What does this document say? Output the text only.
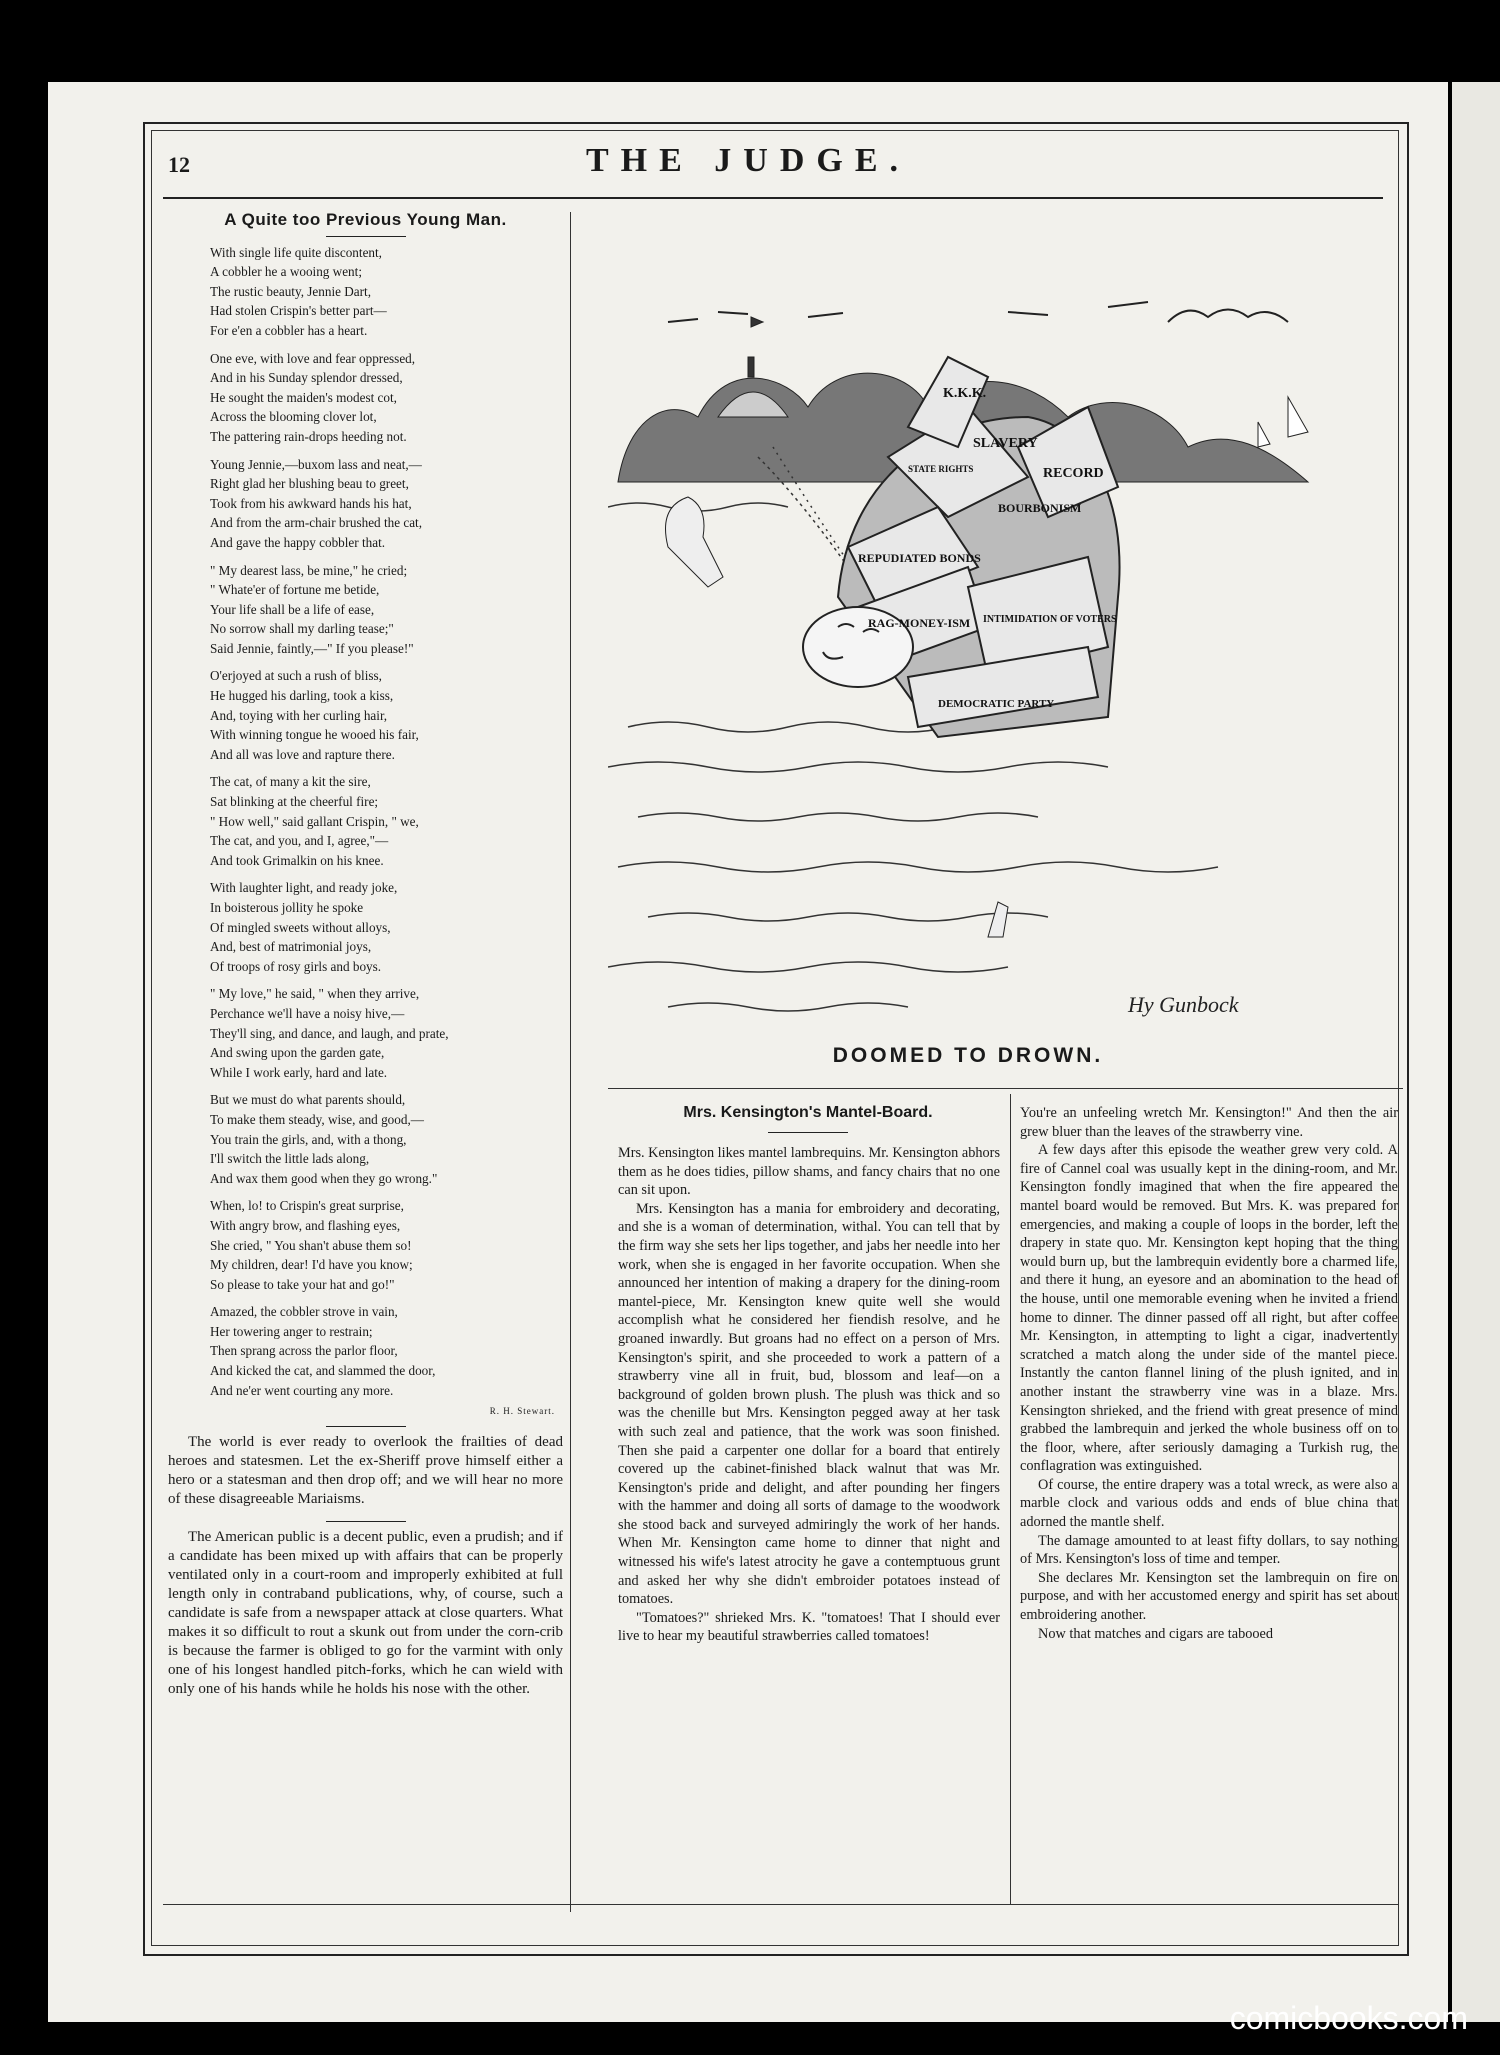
12	THE JUDGE.
A Quite too Previous Young Man.
With single life quite discontent,
A cobbler he a wooing went;
The rustic beauty, Jennie Dart,
Had stolen Crispin's better part—
For e'en a cobbler has a heart.
One eve, with love and fear oppressed,
And in his Sunday splendor dressed,
He sought the maiden's modest cot,
Across the blooming clover lot,
The pattering rain-drops heeding not.
Young Jennie,—buxom lass and neat,—
Right glad her blushing beau to greet,
Took from his awkward hands his hat,
And from the arm-chair brushed the cat,
And gave the happy cobbler that.
" My dearest lass, be mine," he cried;
" Whate'er of fortune me betide,
Your life shall be a life of ease,
No sorrow shall my darling tease;"
Said Jennie, faintly,—" If you please!"
O'erjoyed at such a rush of bliss,
He hugged his darling, took a kiss,
And, toying with her curling hair,
With winning tongue he wooed his fair,
And all was love and rapture there.
The cat, of many a kit the sire,
Sat blinking at the cheerful fire;
" How well," said gallant Crispin, " we,
The cat, and you, and I, agree,"—
And took Grimalkin on his knee.
With laughter light, and ready joke,
In boisterous jollity he spoke
Of mingled sweets without alloys,
And, best of matrimonial joys,
Of troops of rosy girls and boys.
" My love," he said, " when they arrive,
Perchance we'll have a noisy hive,—
They'll sing, and dance, and laugh, and prate,
And swing upon the garden gate,
While I work early, hard and late.
But we must do what parents should,
To make them steady, wise, and good,—
You train the girls, and, with a thong,
I'll switch the little lads along,
And wax them good when they go wrong."
When, lo! to Crispin's great surprise,
With angry brow, and flashing eyes,
She cried, " You shan't abuse them so!
My children, dear! I'd have you know;
So please to take your hat and go!"
Amazed, the cobbler strove in vain,
Her towering anger to restrain;
Then sprang across the parlor floor,
And kicked the cat, and slammed the door,
And ne'er went courting any more.
R. H. Stewart.

The world is ever ready to overlook the frailties of dead heroes and statesmen. Let the ex-Sheriff prove himself either a hero or a statesman and then drop off; and we will hear no more of these disagreeable Mariaisms.

The American public is a decent public, even a prudish; and if a candidate has been mixed up with affairs that can be properly ventilated only in a court-room and improperly exhibited at full length only in contraband publications, why, of course, such a candidate is safe from a newspaper attack at close quarters. What makes it so difficult to rout a skunk out from under the corn-crib is because the farmer is obliged to go for the varmint with only one of his longest handled pitch-forks, which he can wield with only one of his hands while he holds his nose with the other.

K.K.K.
SLAVERY
STATE RIGHTS	RECORD
BOURBONISM
REPUDIATED BONDS
RAG-MONEY-ISM INTIMIDATION OF VOTERS
DEMOCRATIC PARTY
Hy Gunbock
DOOMED TO DROWN.
Mrs. Kensington's Mantel-Board.

Mrs. Kensington likes mantel lambrequins. Mr. Kensington abhors them as he does tidies, pillow shams, and fancy chairs that no one can sit upon.

Mrs. Kensington has a mania for embroidery and decorating, and she is a woman of determination, withal. You can tell that by the firm way she sets her lips together, and jabs her needle into her work, when she is engaged in her favorite occupation. When she announced her intention of making a drapery for the dining-room mantel-piece, Mr. Kensington knew quite well she would accomplish what he considered her fiendish resolve, and he groaned inwardly. But groans had no effect on a person of Mrs. Kensington's spirit, and she proceeded to work a pattern of a strawberry vine all in fruit, bud, blossom and leaf—on a background of golden brown plush. The plush was thick and so was the chenille but Mrs. Kensington pegged away at her task with such zeal and patience, that the work was soon finished. Then she paid a carpenter one dollar for a board that entirely covered up the cabinet-finished black walnut that was Mr. Kensington's pride and delight, and after pounding her fingers with the hammer and doing all sorts of damage to the woodwork she stood back and surveyed admiringly the work of her hands. When Mr. Kensington came home to dinner that night and witnessed his wife's latest atrocity he gave a contemptuous grunt and asked her why she didn't embroider potatoes instead of tomatoes.

"Tomatoes?" shrieked Mrs. K. "tomatoes! That I should ever live to hear my beautiful strawberries called tomatoes!

You're an unfeeling wretch Mr. Kensington!" And then the air grew bluer than the leaves of the strawberry vine.

A few days after this episode the weather grew very cold. A fire of Cannel coal was usually kept in the dining-room, and Mr. Kensington fondly imagined that when the fire appeared the mantel board would be removed. But Mrs. K. was prepared for emergencies, and making a couple of loops in the border, left the drapery in state quo. Mr. Kensington kept hoping that the thing would burn up, but the lambrequin evidently bore a charmed life, and there it hung, an eyesore and an abomination to the head of the house, until one memorable evening when he invited a friend home to dinner. The dinner passed off all right, but after coffee Mr. Kensington, in attempting to light a cigar, inadvertently scratched a match along the under side of the mantel piece. Instantly the canton flannel lining of the plush ignited, and in another instant the strawberry vine was in a blaze. Mrs. Kensington shrieked, and the friend with great presence of mind grabbed the lambrequin and jerked the whole business off on to the floor, where, after seriously damaging a Turkish rug, the conflagration was extinguished.

Of course, the entire drapery was a total wreck, as were also a marble clock and various odds and ends of blue china that adorned the mantle shelf.

The damage amounted to at least fifty dollars, to say nothing of Mrs. Kensington's loss of time and temper.

She declares Mr. Kensington set the lambrequin on fire on purpose, and with her accustomed energy and spirit has set about embroidering another.

Now that matches and cigars are tabooed

comicbooks.com
